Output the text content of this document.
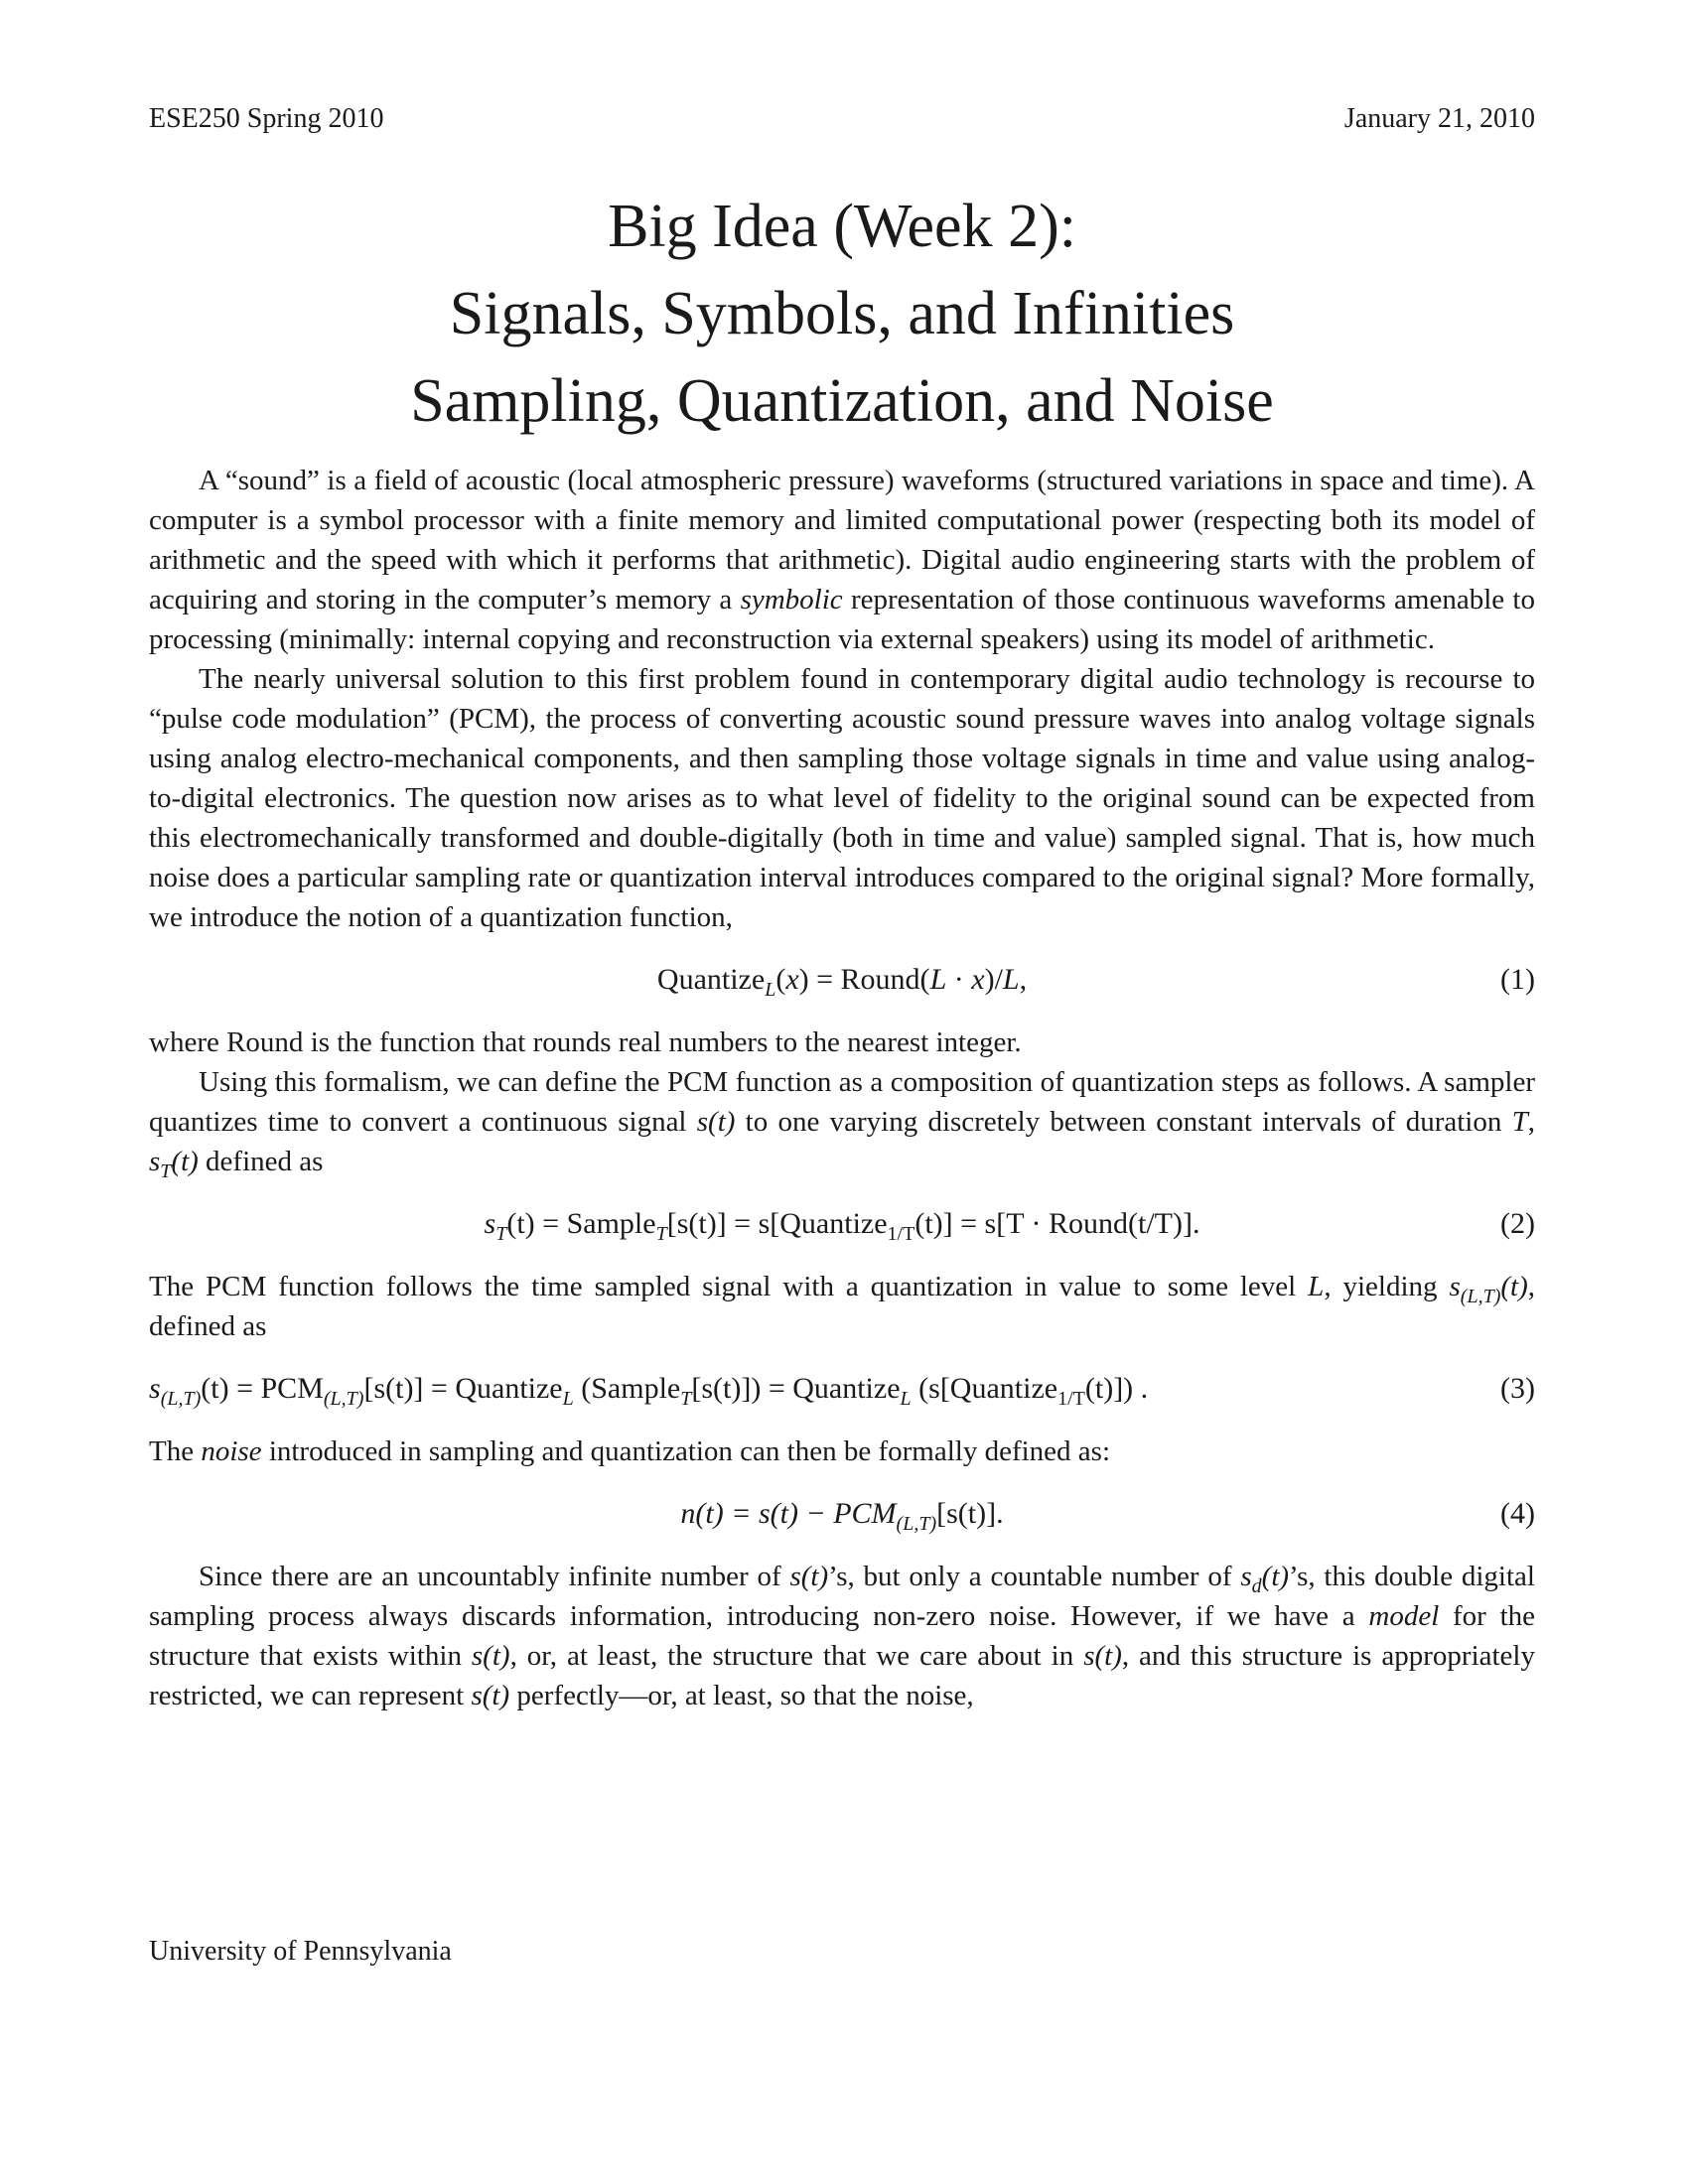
ESE250 Spring 2010	January 21, 2010
Big Idea (Week 2):
Signals, Symbols, and Infinities
Sampling, Quantization, and Noise

A “sound” is a field of acoustic (local atmospheric pressure) waveforms (structured variations in space and time). A computer is a symbol processor with a finite memory and limited computational power (respecting both its model of arithmetic and the speed with which it performs that arithmetic). Digital audio engineering starts with the problem of acquiring and storing in the computer’s memory a symbolic representation of those continuous waveforms amenable to processing (minimally: internal copying and reconstruction via external speakers) using its model of arithmetic.

The nearly universal solution to this first problem found in contemporary digital audio technology is recourse to “pulse code modulation” (PCM), the process of converting acoustic sound pressure waves into analog voltage signals using analog electro-mechanical components, and then sampling those voltage signals in time and value using analog-to-digital electronics. The question now arises as to what level of fidelity to the original sound can be expected from this electromechanically transformed and double-digitally (both in time and value) sampled signal. That is, how much noise does a particular sampling rate or quantization interval introduces compared to the original signal? More formally, we introduce the notion of a quantization function,

Quantize$_L$(x) = Round(L · x)/L,	(1)

where Round is the function that rounds real numbers to the nearest integer.

Using this formalism, we can define the PCM function as a composition of quantization steps as follows. A sampler quantizes time to convert a continuous signal s(t) to one varying discretely between constant intervals of duration T, $s_T(t)$ defined as

$s_T(t)$ = Sample$_T$[s(t)] = s[Quantize$_{1/T}$(t)] = s[T · Round(t/T)].	(2)

The PCM function follows the time sampled signal with a quantization in value to some level L, yielding $s_{(L,T)}(t)$, defined as

$s_{(L,T)}(t) = PCM_{(L,T)}[s(t)]$ = Quantize$_L$ (Sample$_T$[s(t)]) = Quantize$_L$ (s[Quantize$_{1/T}$(t)]) .	(3)

The noise introduced in sampling and quantization can then be formally defined as:

$n(t) = s(t) - PCM_{(L,T)}[s(t)]$.	(4)

Since there are an uncountably infinite number of s(t)’s, but only a countable number of $s_d(t)’s$, this double digital sampling process always discards information, introducing non-zero noise. However, if we have a model for the structure that exists within s(t), or, at least, the structure that we care about in s(t), and this structure is appropriately restricted, we can represent s(t) perfectly—or, at least, so that the noise,

University of Pennsylvania
